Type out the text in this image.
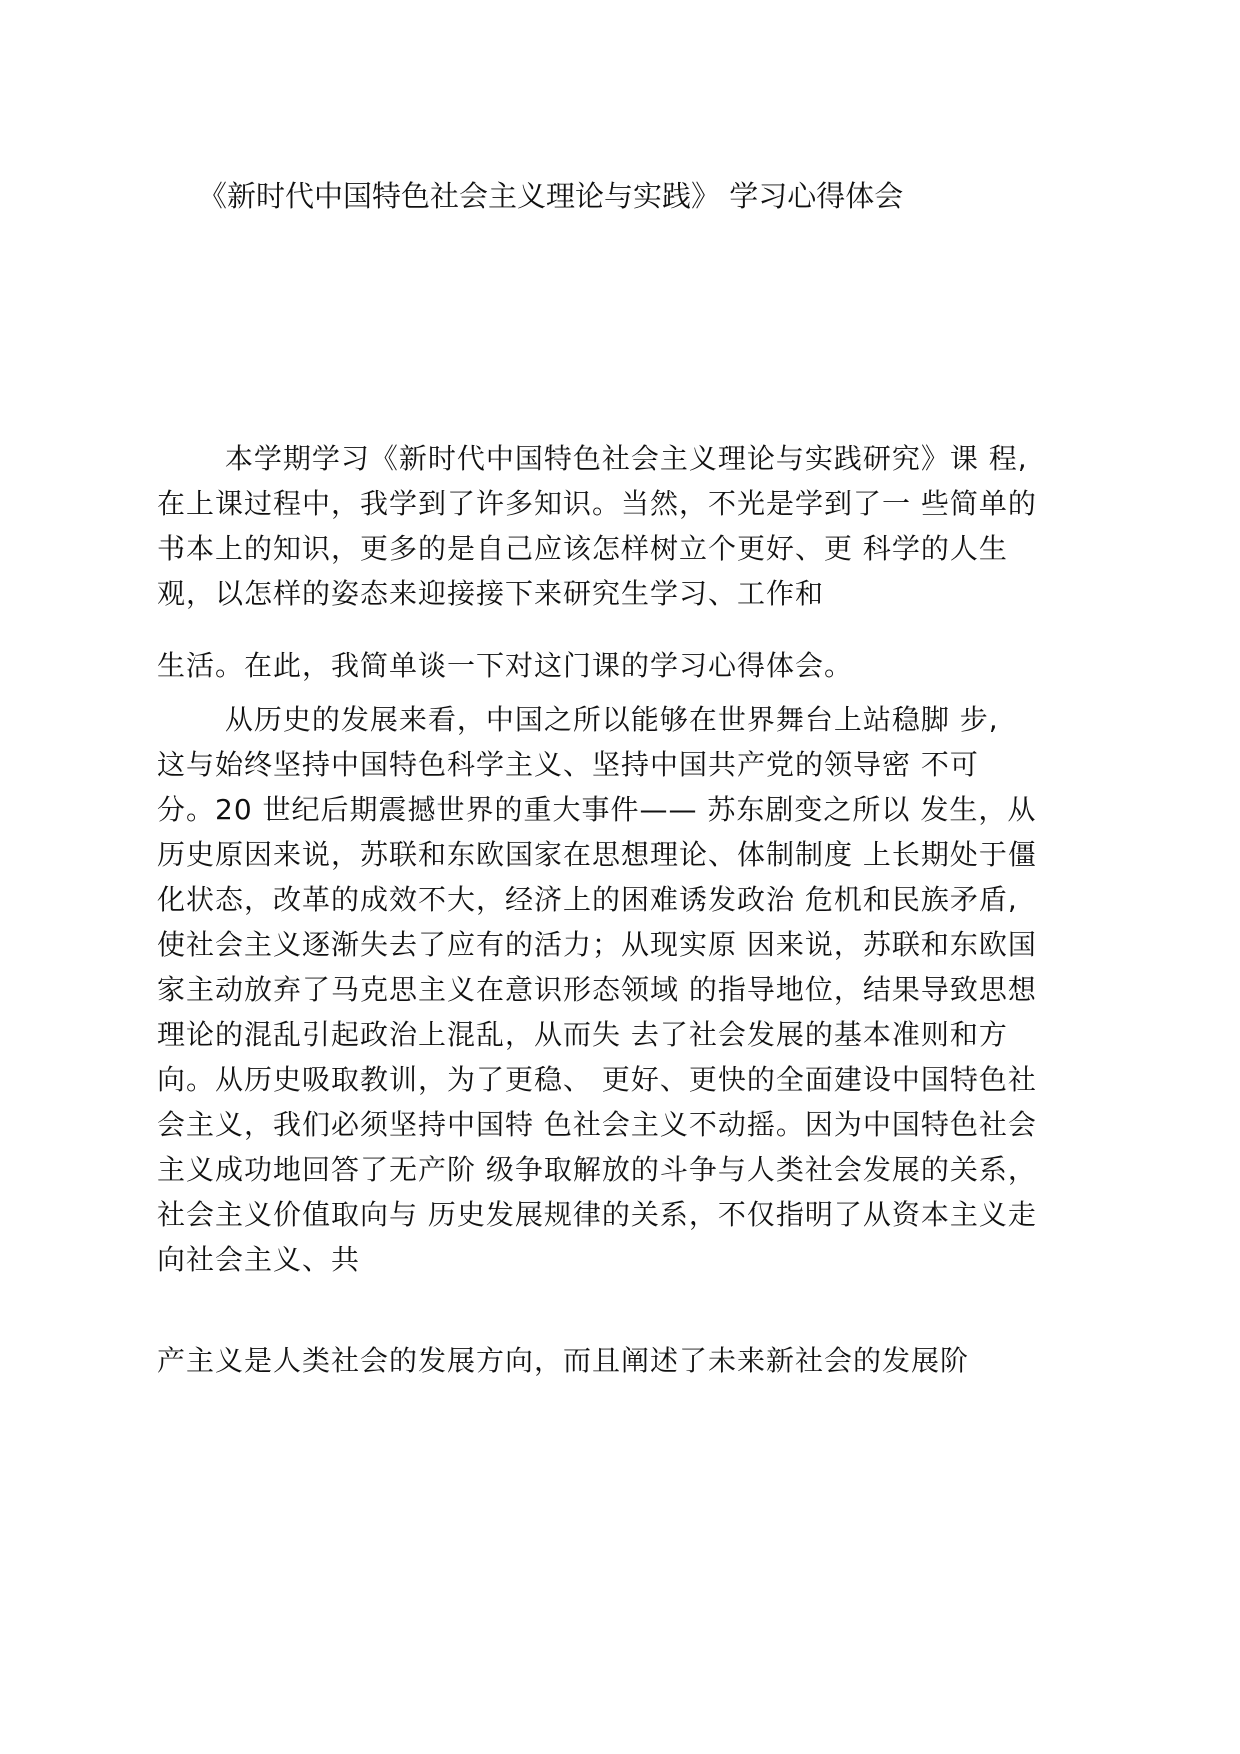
《新时代中国特色社会主义理论与实践》 学习心得体会
　　 本学期学习《新时代中国特色社会主义理论与实践研究》课 程,
在上课过程中，我学到了许多知识。当然，不光是学到了一 些简单的
书本上的知识，更多的是自己应该怎样树立个更好、更 科学的人生
观，以怎样的姿态来迎接接下来研究生学习、工作和
生活。在此，我简单谈一下对这门课的学习心得体会。
　　 从历史的发展来看，中国之所以能够在世界舞台上站稳脚 步,
这与始终坚持中国特色科学主义、坚持中国共产党的领导密 不可
分。20 世纪后期震撼世界的重大事件—— 苏东剧变之所以 发生，从
历史原因来说，苏联和东欧国家在思想理论、体制制度 上长期处于僵
化状态，改革的成效不大，经济上的困难诱发政治 危机和民族矛盾,
使社会主义逐渐失去了应有的活力；从现实原 因来说，苏联和东欧国
家主动放弃了马克思主义在意识形态领域 的指导地位，结果导致思想
理论的混乱引起政治上混乱，从而失 去了社会发展的基本准则和方
向。从历史吸取教训，为了更稳、 更好、更快的全面建设中国特色社
会主义，我们必须坚持中国特 色社会主义不动摇。因为中国特色社会
主义成功地回答了无产阶 级争取解放的斗争与人类社会发展的关系，
社会主义价值取向与 历史发展规律的关系，不仅指明了从资本主义走
向社会主义、共
产主义是人类社会的发展方向，而且阐述了未来新社会的发展阶
